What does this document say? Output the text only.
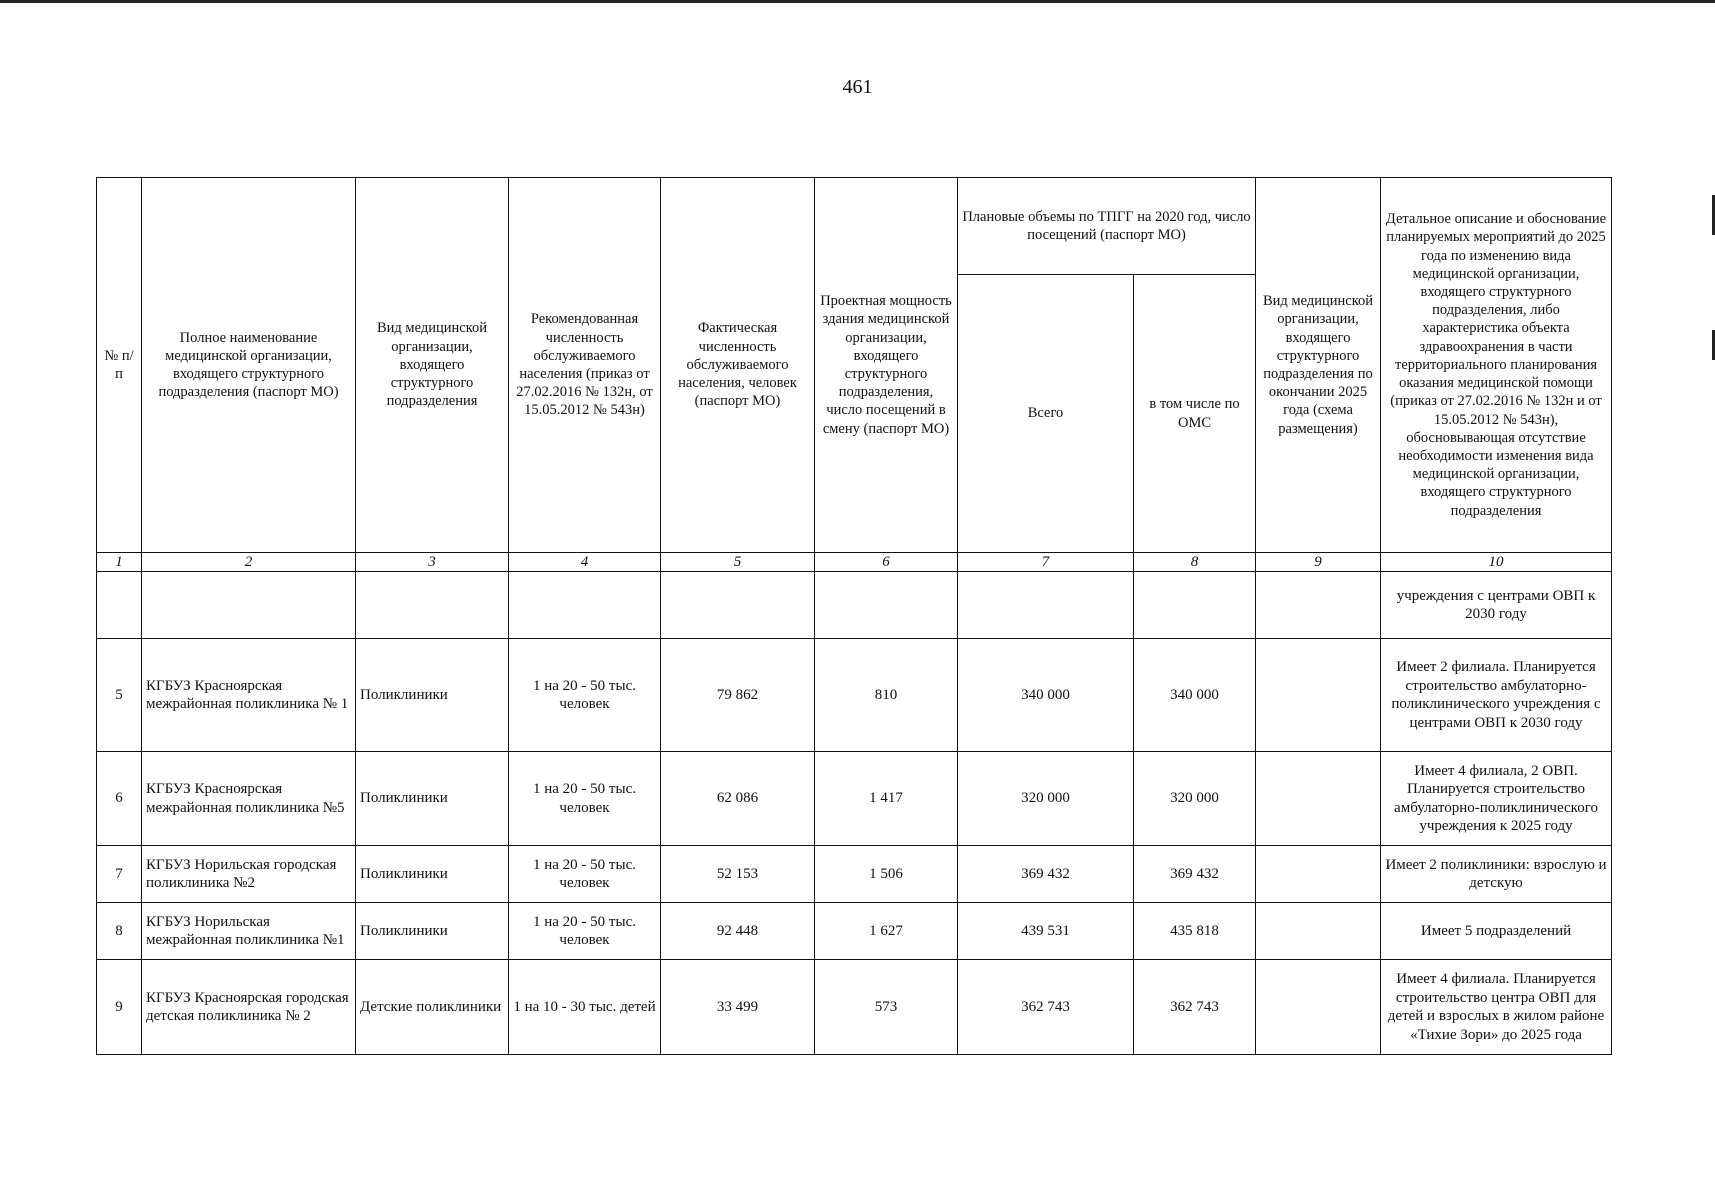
461
№ п/п	Полное наименование медицинской организации, входящего структурного подразделения (паспорт МО)	Вид медицинской организации, входящего структурного подразделения	Рекомендованная численность обслуживаемого населения (приказ от 27.02.2016 № 132н, от 15.05.2012 № 543н)	Фактическая численность обслуживаемого населения, человек (паспорт МО)	Проектная мощность здания медицинской организации, входящего структурного подразделения, число посещений в смену (паспорт МО)	Плановые объемы по ТПГГ на 2020 год, число посещений (паспорт МО)		Вид медицинской организации, входящего структурного подразделения по окончании 2025 года (схема размещения)	Детальное описание и обоснование планируемых мероприятий до 2025 года по изменению вида медицинской организации, входящего структурного подразделения, либо характеристика объекта здравоохранения в части территориального планирования оказания медицинской помощи (приказ от 27.02.2016 № 132н и от 15.05.2012 № 543н), обосновывающая отсутствие необходимости изменения вида медицинской организации, входящего структурного подразделения
						Всего	в том числе по ОМС		
1	2	3	4	5	6	7	8	9	10
									учреждения с центрами ОВП к 2030 году
5	КГБУЗ Красноярская межрайонная поликлиника № 1	Поликлиники	1 на 20 - 50 тыс. человек	79 862	810	340 000	340 000		Имеет 2 филиала. Планируется строительство амбулаторно-поликлинического учреждения с центрами ОВП к 2030 году
6	КГБУЗ Красноярская межрайонная поликлиника №5	Поликлиники	1 на 20 - 50 тыс. человек	62 086	1 417	320 000	320 000		Имеет 4 филиала, 2 ОВП. Планируется строительство амбулаторно-поликлинического учреждения к 2025 году
7	КГБУЗ Норильская городская поликлиника №2	Поликлиники	1 на 20 - 50 тыс. человек	52 153	1 506	369 432	369 432		Имеет 2 поликлиники: взрослую и детскую
8	КГБУЗ Норильская межрайонная поликлиника №1	Поликлиники	1 на 20 - 50 тыс. человек	92 448	1 627	439 531	435 818		Имеет 5 подразделений
9	КГБУЗ Красноярская городская детская поликлиника № 2	Детские поликлиники	1 на 10 - 30 тыс. детей	33 499	573	362 743	362 743		Имеет 4 филиала. Планируется строительство центра ОВП для детей и взрослых в жилом районе «Тихие Зори» до 2025 года
